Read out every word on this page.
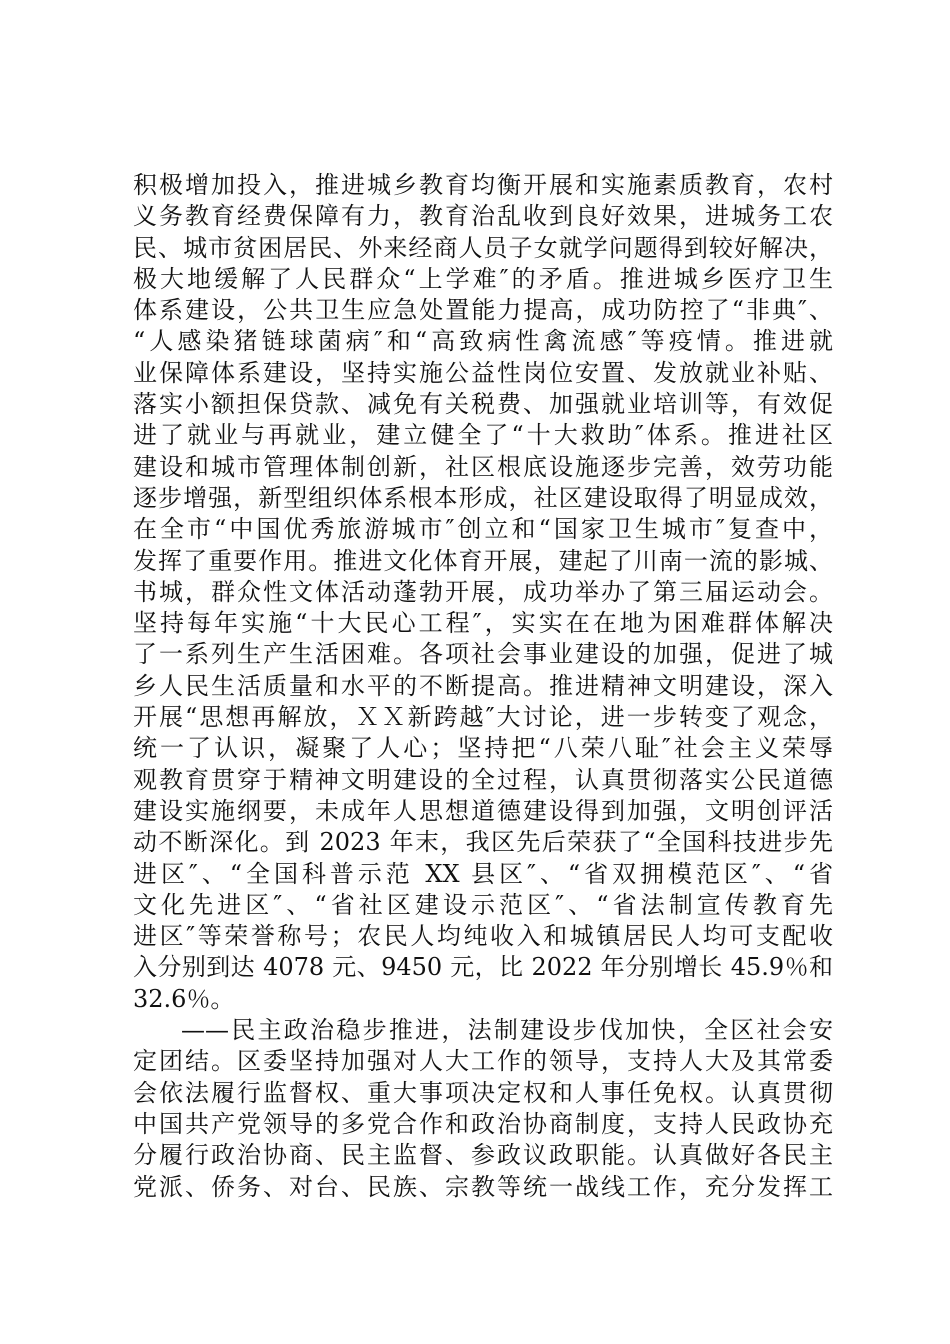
积极增加投入，推进城乡教育均衡开展和实施素质教育，农村
义务教育经费保障有力，教育治乱收到良好效果，进城务工农
民、城市贫困居民、外来经商人员子女就学问题得到较好解决，
极大地缓解了人民群众“上学难″的矛盾。推进城乡医疗卫生
体系建设，公共卫生应急处置能力提高，成功防控了“非典″、
“人感染猪链球菌病″和“高致病性禽流感″等疫情。推进就
业保障体系建设，坚持实施公益性岗位安置、发放就业补贴、
落实小额担保贷款、减免有关税费、加强就业培训等，有效促
进了就业与再就业，建立健全了“十大救助″体系。推进社区
建设和城市管理体制创新，社区根底设施逐步完善，效劳功能
逐步增强，新型组织体系根本形成，社区建设取得了明显成效，
在全市“中国优秀旅游城市″创立和“国家卫生城市″复查中，
发挥了重要作用。推进文化体育开展，建起了川南一流的影城、
书城，群众性文体活动蓬勃开展，成功举办了第三届运动会。
坚持每年实施“十大民心工程″，实实在在地为困难群体解决
了一系列生产生活困难。各项社会事业建设的加强，促进了城
乡人民生活质量和水平的不断提高。推进精神文明建设，深入
开展“思想再解放，ＸＸ新跨越″大讨论，进一步转变了观念，
统一了认识，凝聚了人心；坚持把“八荣八耻″社会主义荣辱
观教育贯穿于精神文明建设的全过程，认真贯彻落实公民道德
建设实施纲要，未成年人思想道德建设得到加强，文明创评活
动不断深化。到 2023 年末，我区先后荣获了“全国科技进步先
进区″、“全国科普示范 XX 县区″、“省双拥模范区″、“省
文化先进区″、“省社区建设示范区″、“省法制宣传教育先
进区″等荣誉称号；农民人均纯收入和城镇居民人均可支配收
入分别到达 4078 元、9450 元，比 2022 年分别增长 45.9％和
32.6％。
——民主政治稳步推进，法制建设步伐加快，全区社会安
定团结。区委坚持加强对人大工作的领导，支持人大及其常委
会依法履行监督权、重大事项决定权和人事任免权。认真贯彻
中国共产党领导的多党合作和政治协商制度，支持人民政协充
分履行政治协商、民主监督、参政议政职能。认真做好各民主
党派、侨务、对台、民族、宗教等统一战线工作，充分发挥工
